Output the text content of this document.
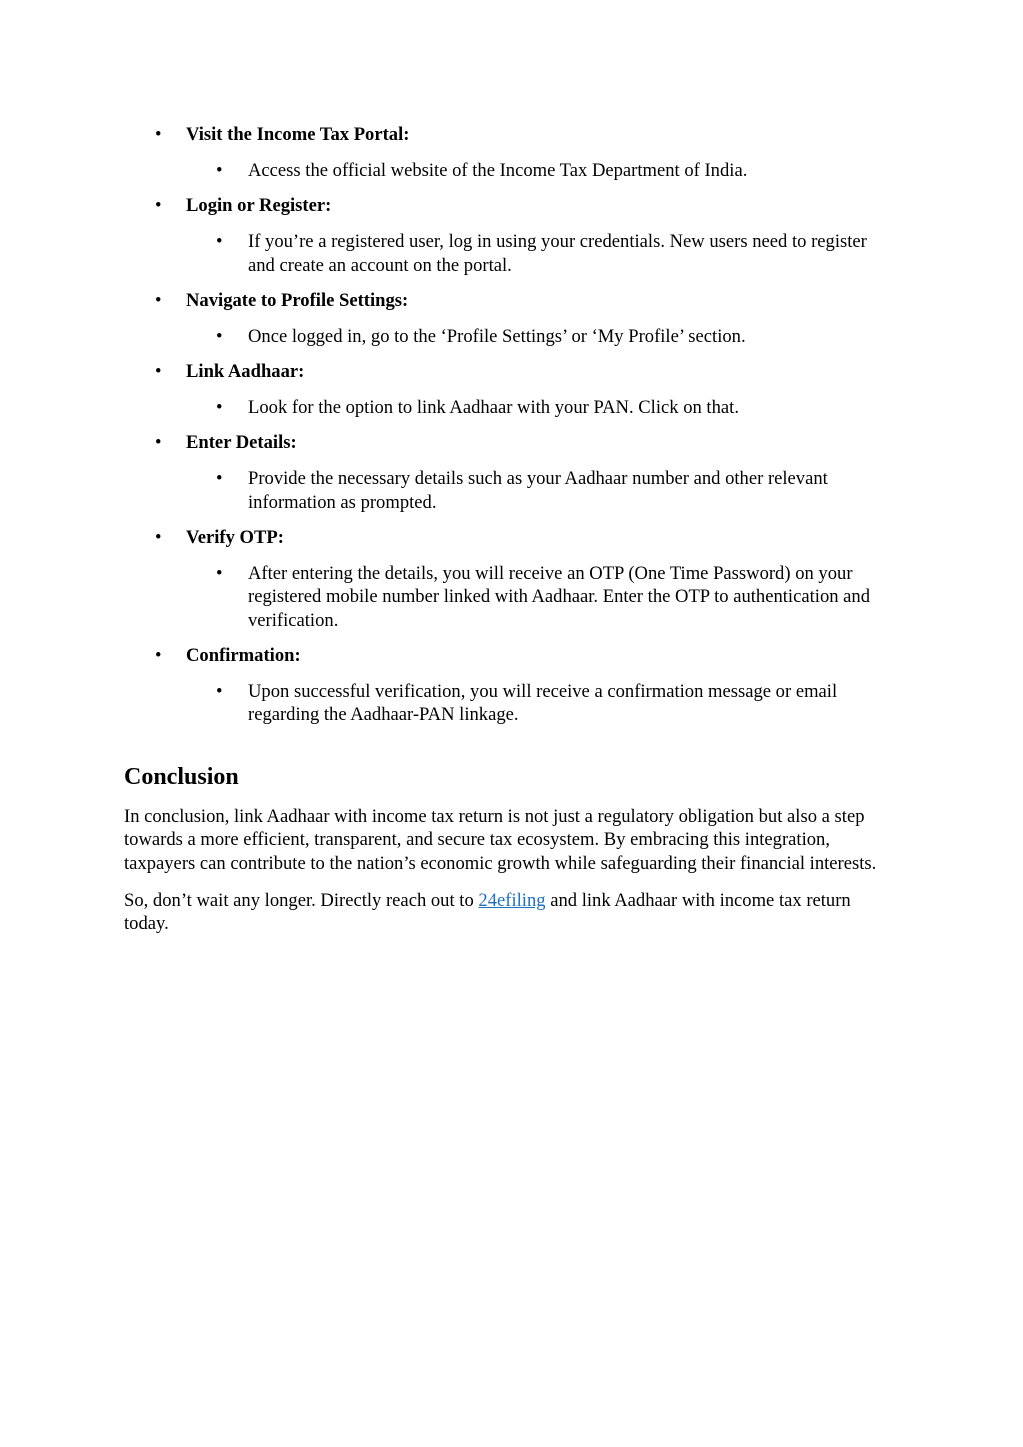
• Visit the Income Tax Portal:
• Access the official website of the Income Tax Department of India.
• Login or Register:
• If you’re a registered user, log in using your credentials. New users need to register and create an account on the portal.
• Navigate to Profile Settings:
• Once logged in, go to the ‘Profile Settings’ or ‘My Profile’ section.
• Link Aadhaar:
• Look for the option to link Aadhaar with your PAN. Click on that.
• Enter Details:
• Provide the necessary details such as your Aadhaar number and other relevant information as prompted.
• Verify OTP:
• After entering the details, you will receive an OTP (One Time Password) on your registered mobile number linked with Aadhaar. Enter the OTP to authentication and verification.
• Confirmation:
• Upon successful verification, you will receive a confirmation message or email regarding the Aadhaar-PAN linkage.
Conclusion

In conclusion, link Aadhaar with income tax return is not just a regulatory obligation but also a step towards a more efficient, transparent, and secure tax ecosystem. By embracing this integration, taxpayers can contribute to the nation’s economic growth while safeguarding their financial interests.

So, don’t wait any longer. Directly reach out to 24efiling and link Aadhaar with income tax return today.
